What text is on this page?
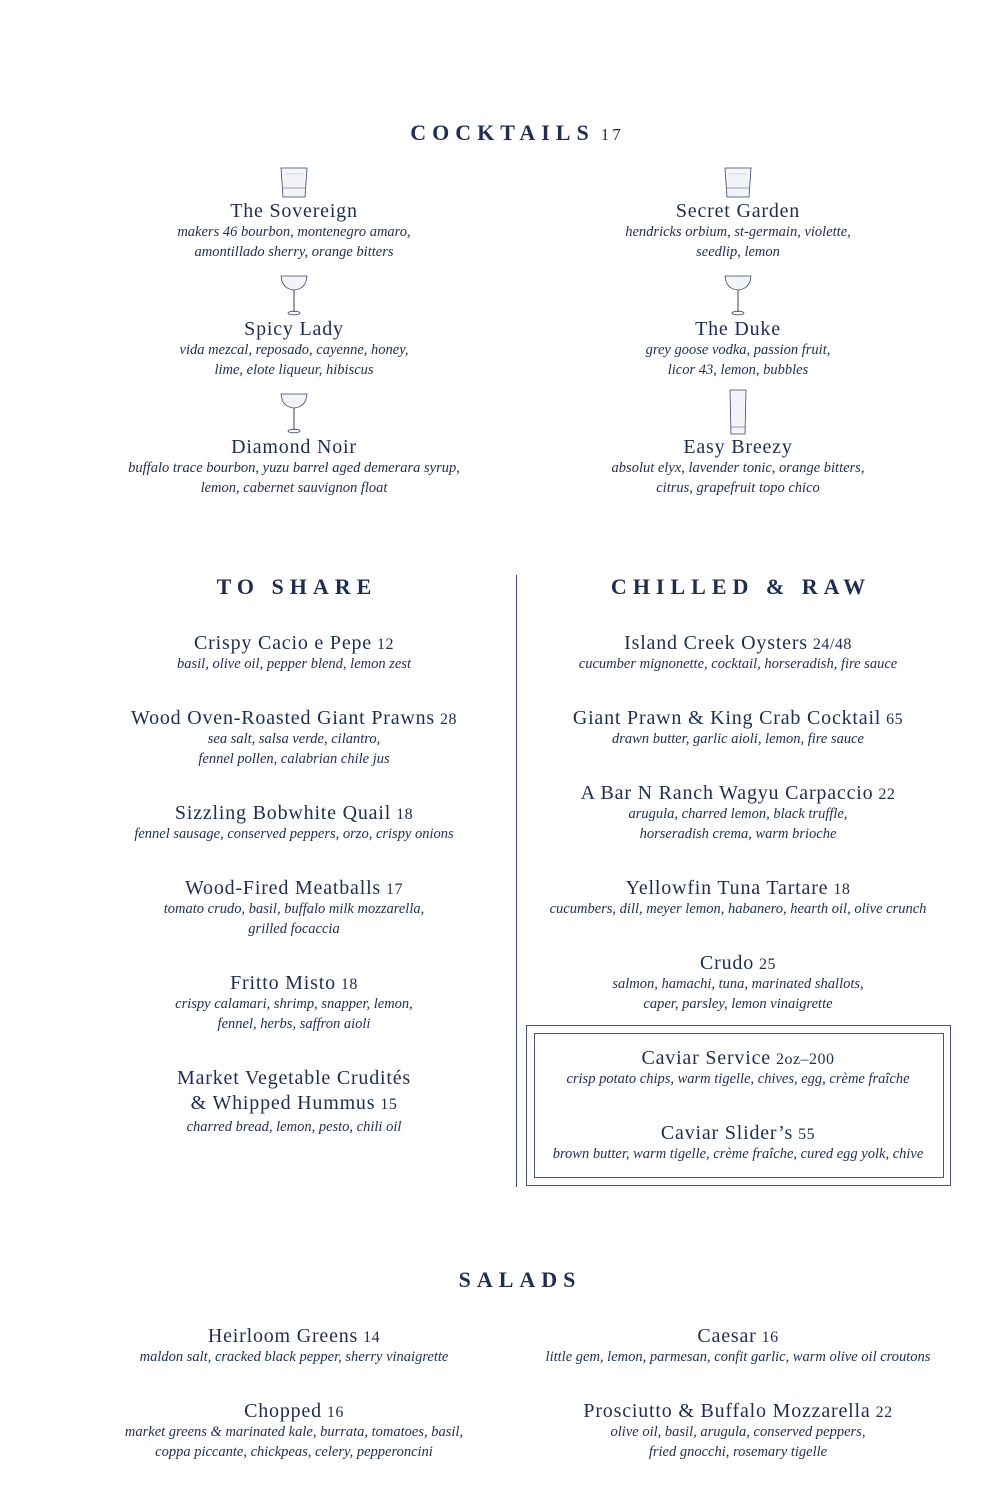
COCKTAILS 17
TO SHARE	CHILLED & RAW
SALADS
The Sovereign
makers 46 bourbon, montenegro amaro,
amontillado sherry, orange bitters
Spicy Lady
vida mezcal, reposado, cayenne, honey,
lime, elote liqueur, hibiscus
Diamond Noir
buffalo trace bourbon, yuzu barrel aged demerara syrup,
lemon, cabernet sauvignon float
Secret Garden
hendricks orbium, st-germain, violette,
seedlip, lemon
The Duke
grey goose vodka, passion fruit,
licor 43, lemon, bubbles
Easy Breezy
absolut elyx, lavender tonic, orange bitters,
citrus, grapefruit topo chico
Crispy Cacio e Pepe 12
basil, olive oil, pepper blend, lemon zest
Wood Oven-Roasted Giant Prawns 28
sea salt, salsa verde, cilantro,
fennel pollen, calabrian chile jus
Sizzling Bobwhite Quail 18
fennel sausage, conserved peppers, orzo, crispy onions
Wood-Fired Meatballs 17
tomato crudo, basil, buffalo milk mozzarella,
grilled focaccia
Fritto Misto 18
crispy calamari, shrimp, snapper, lemon,
fennel, herbs, saffron aioli
Market Vegetable Crudités
& Whipped Hummus 15
charred bread, lemon, pesto, chili oil
Island Creek Oysters 24/48
cucumber mignonette, cocktail, horseradish, fire sauce
Giant Prawn & King Crab Cocktail 65
drawn butter, garlic aioli, lemon, fire sauce
A Bar N Ranch Wagyu Carpaccio 22
arugula, charred lemon, black truffle,
horseradish crema, warm brioche
Yellowfin Tuna Tartare 18
cucumbers, dill, meyer lemon, habanero, hearth oil, olive crunch
Crudo 25
salmon, hamachi, tuna, marinated shallots,
caper, parsley, lemon vinaigrette
Caviar Service 2oz–200
crisp potato chips, warm tigelle, chives, egg, crème fraîche
Caviar Slider’s 55
brown butter, warm tigelle, crème fraîche, cured egg yolk, chive
Heirloom Greens 14
maldon salt, cracked black pepper, sherry vinaigrette
Caesar 16
little gem, lemon, parmesan, confit garlic, warm olive oil croutons
Chopped 16
market greens & marinated kale, burrata, tomatoes, basil,
coppa piccante, chickpeas, celery, pepperoncini
Prosciutto & Buffalo Mozzarella 22
olive oil, basil, arugula, conserved peppers,
fried gnocchi, rosemary tigelle
